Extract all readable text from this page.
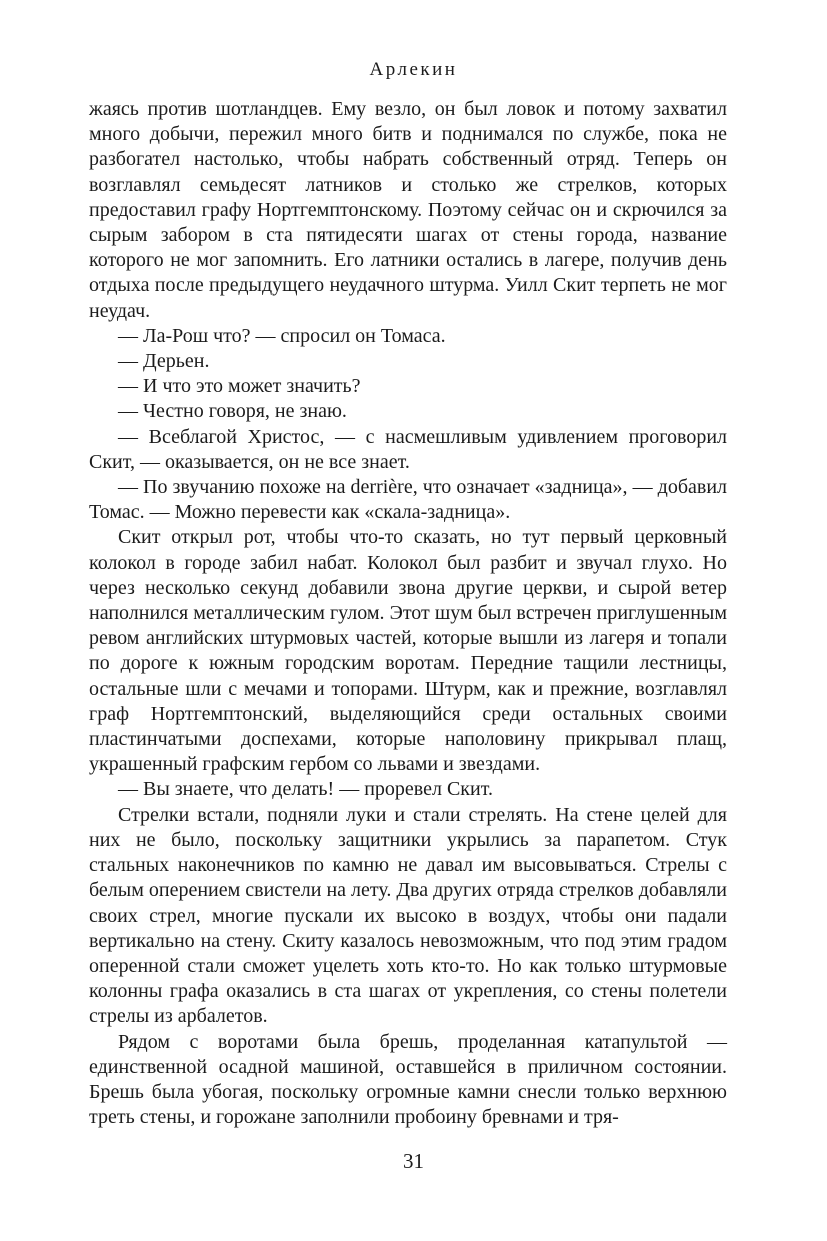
Арлекин

жаясь против шотландцев. Ему везло, он был ловок и потому захватил много добычи, пережил много битв и поднимался по службе, пока не разбогател настолько, чтобы набрать собственный отряд. Теперь он возглавлял семьдесят латников и столько же стрелков, которых предоставил графу Нортгемптонскому. Поэтому сейчас он и скрючился за сырым забором в ста пятидесяти шагах от стены города, название которого не мог запомнить. Его латники остались в лагере, получив день отдыха после предыдущего неудачного штурма. Уилл Скит терпеть не мог неудач.

— Ла-Рош что? — спросил он Томаса.

— Дерьен.

— И что это может значить?

— Честно говоря, не знаю.

— Всеблагой Христос, — с насмешливым удивлением проговорил Скит, — оказывается, он не все знает.

— По звучанию похоже на derrière, что означает «задница», — добавил Томас. — Можно перевести как «скала-задница».

Скит открыл рот, чтобы что-то сказать, но тут первый церковный колокол в городе забил набат. Колокол был разбит и звучал глухо. Но через несколько секунд добавили звона другие церкви, и сырой ветер наполнился металлическим гулом. Этот шум был встречен приглушенным ревом английских штурмовых частей, которые вышли из лагеря и топали по дороге к южным городским воротам. Передние тащили лестницы, остальные шли с мечами и топорами. Штурм, как и прежние, возглавлял граф Нортгемптонский, выделяющийся среди остальных своими пластинчатыми доспехами, которые наполовину прикрывал плащ, украшенный графским гербом со львами и звездами.

— Вы знаете, что делать! — проревел Скит.

Стрелки встали, подняли луки и стали стрелять. На стене целей для них не было, поскольку защитники укрылись за парапетом. Стук стальных наконечников по камню не давал им высовываться. Стрелы с белым оперением свистели на лету. Два других отряда стрелков добавляли своих стрел, многие пускали их высоко в воздух, чтобы они падали вертикально на стену. Скиту казалось невозможным, что под этим градом оперенной стали сможет уцелеть хоть кто-то. Но как только штурмовые колонны графа оказались в ста шагах от укрепления, со стены полетели стрелы из арбалетов.

Рядом с воротами была брешь, проделанная катапультой — единственной осадной машиной, оставшейся в приличном состоянии. Брешь была убогая, поскольку огромные камни снесли только верхнюю треть стены, и горожане заполнили пробоину бревнами и тря-

31
